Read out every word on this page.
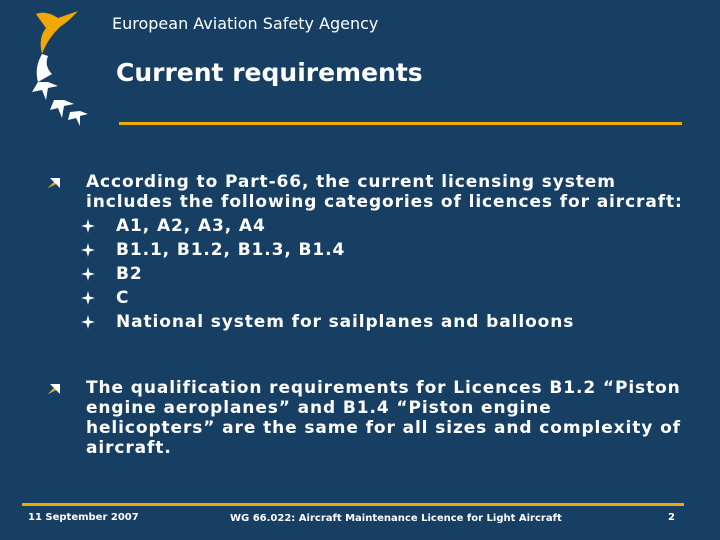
European Aviation Safety Agency
Current requirements
According to Part-66, the current licensing system includes the following categories of licences for aircraft:
A1, A2, A3, A4
B1.1, B1.2, B1.3, B1.4
B2
C
National system for sailplanes and balloons
The qualification requirements for Licences B1.2 “Piston engine aeroplanes” and B1.4 “Piston engine helicopters” are the same for all sizes and complexity of aircraft.
11 September 2007	WG 66.022: Aircraft Maintenance Licence for Light Aircraft	2
